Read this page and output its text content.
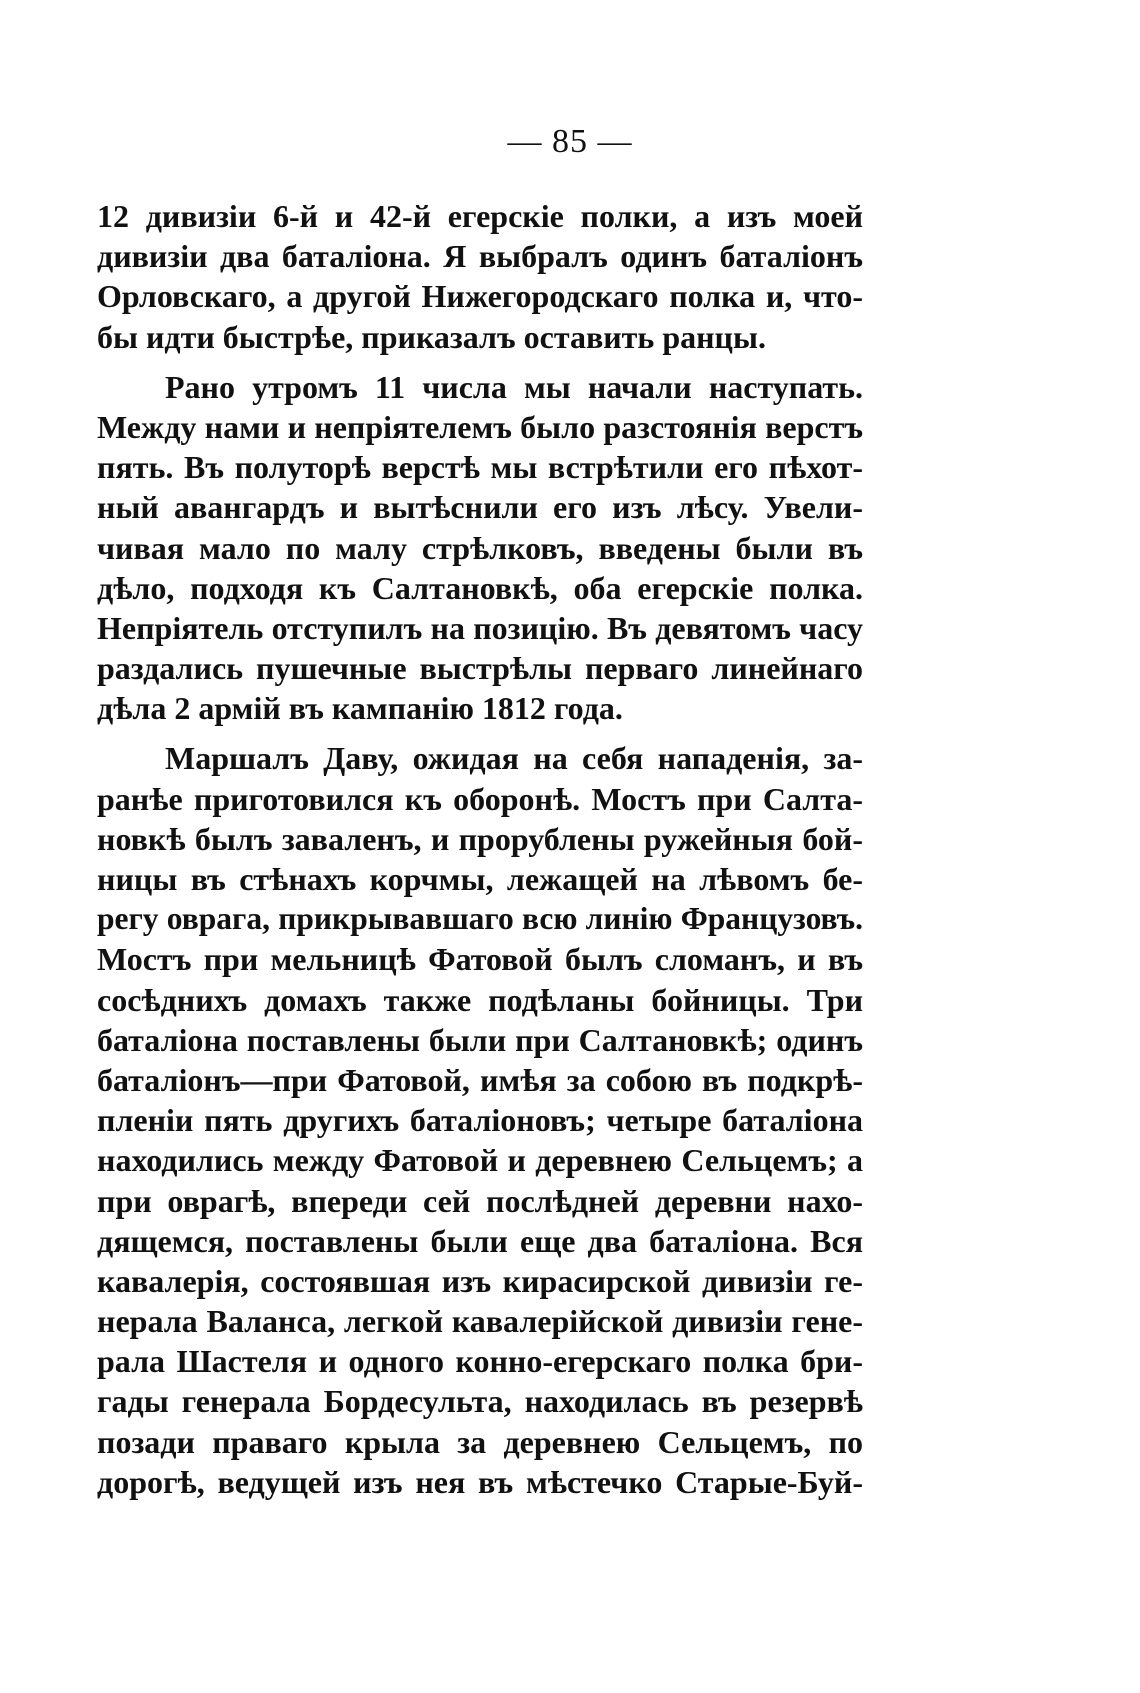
— 85 —
12 дивизіи 6-й и 42-й егерскіе полки, а изъ моей
дивизіи два баталіона. Я выбралъ одинъ баталіонъ
Орловскаго, а другой Нижегородскаго полка и, что-
бы идти быстрѣе, приказалъ оставить ранцы.
Рано утромъ 11 числа мы начали наступать.
Между нами и непріятелемъ было разстоянія верстъ
пять. Въ полуторѣ верстѣ мы встрѣтили его пѣхот-
ный авангардъ и вытѣснили его изъ лѣсу. Увели-
чивая мало по малу стрѣлковъ, введены были въ
дѣло, подходя къ Салтановкѣ, оба егерскіе полка.
Непріятель отступилъ на позицію. Въ девятомъ часу
раздались пушечные выстрѣлы перваго линейнаго
дѣла 2 армій въ кампанію 1812 года.
Маршалъ Даву, ожидая на себя нападенія, за-
ранѣе приготовился къ оборонѣ. Мостъ при Салта-
новкѣ былъ заваленъ, и прорублены ружейныя бой-
ницы въ стѣнахъ корчмы, лежащей на лѣвомъ бе-
регу оврага, прикрывавшаго всю линію Французовъ.
Мостъ при мельницѣ Фатовой былъ сломанъ, и въ
сосѣднихъ домахъ также подѣланы бойницы. Три
баталіона поставлены были при Салтановкѣ; одинъ
баталіонъ—при Фатовой, имѣя за собою въ подкрѣ-
пленіи пять другихъ баталіоновъ; четыре баталіона
находились между Фатовой и деревнею Сельцемъ; а
при оврагѣ, впереди сей послѣдней деревни нахо-
дящемся, поставлены были еще два баталіона. Вся
кавалерія, состоявшая изъ кирасирской дивизіи ге-
нерала Валанса, легкой кавалерійской дивизіи гене-
рала Шастеля и одного конно-егерскаго полка бри-
гады генерала Бордесульта, находилась въ резервѣ
позади праваго крыла за деревнею Сельцемъ, по
дорогѣ, ведущей изъ нея въ мѣстечко Старые-Буй-
